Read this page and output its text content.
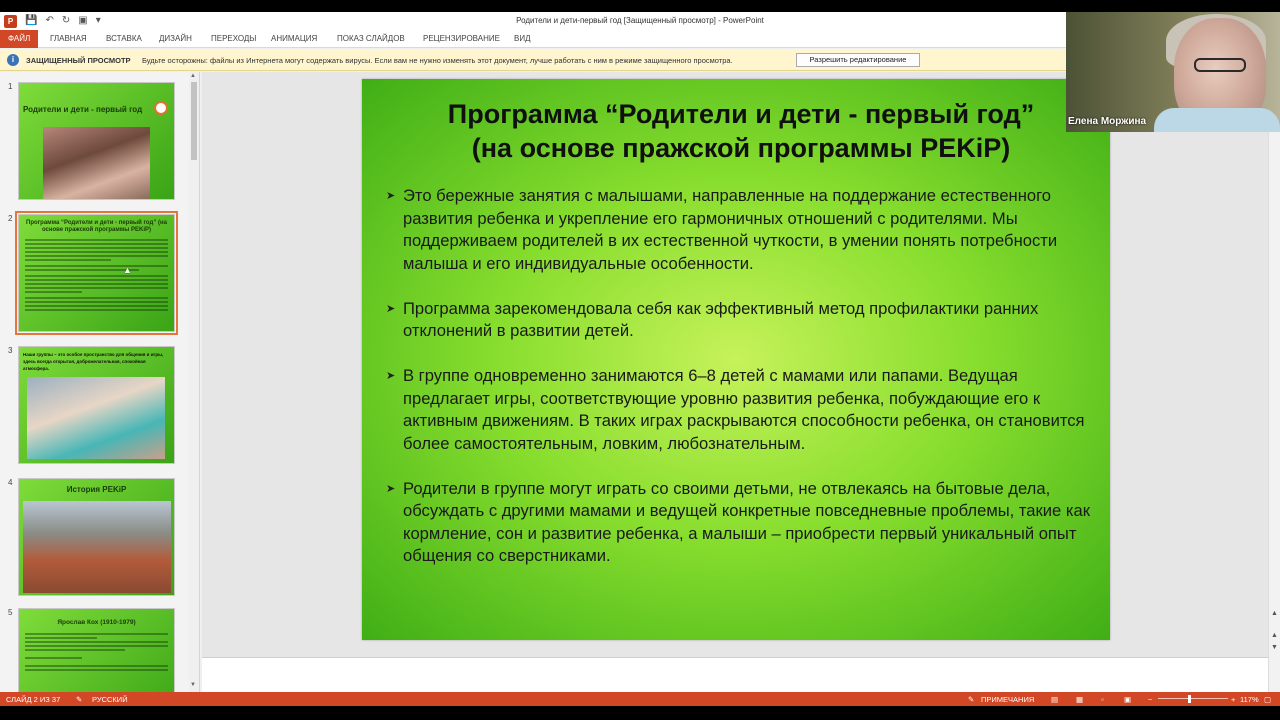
P	💾 ↶ ↻ ▣ ▾	Родители и дети-первый год [Защищенный просмотр] - PowerPoint
ФАЙЛ	ГЛАВНАЯ	ВСТАВКА	ДИЗАЙН	ПЕРЕХОДЫ	АНИМАЦИЯ	ПОКАЗ СЛАЙДОВ	РЕЦЕНЗИРОВАНИЕ	ВИД
i	ЗАЩИЩЕННЫЙ ПРОСМОТР Будьте осторожны: файлы из Интернета могут содержать вирусы. Если вам не нужно изменять этот документ, лучше работать с ним в режиме защищенного просмотра.	Разрешить редактирование
1
Родители и дети - первый год
2	Программа “Родители и дети - первый год” (на основе пражской программы PEKiP)
▲
3 Наши группы – это особое пространство для общения и игры, здесь всегда открытая, доброжелательная, спокойная атмосфера.
4
История PEKiP
5
Ярослав Кох (1910-1979)
▲
▼
▲
▲
▼
Программа “Родители и дети - первый год”
(на основе пражской программы PEKiP)
➤ Это бережные занятия с малышами, направленные на поддержание естественного развития ребенка и укрепление его гармоничных отношений с родителями. Мы поддерживаем родителей в их естественной чуткости, в умении понять потребности малыша и его индивидуальные особенности.
➤ Программа зарекомендовала себя как эффективный метод профилактики ранних отклонений в развитии детей.
➤ В группе одновременно занимаются 6–8 детей с мамами или папами. Ведущая предлагает игры, соответствующие уровню развития ребенка, побуждающие его к активным движениям. В таких играх раскрываются способности ребенка, он становится более самостоятельным, ловким, любознательным.
➤ Родители в группе могут играть со своими детьми, не отвлекаясь на бытовые дела, обсуждать с другими мамами и ведущей конкретные повседневные проблемы, такие как кормление, сон и развитие ребенка, а малыши – приобрести первый уникальный опыт общения со сверстниками.
Елена Моржина
СЛАЙД 2 ИЗ 37 ✎ РУССКИЙ	✎ ПРИМЕЧАНИЯ ▤ ▦ ▫	▣ −	+ 117% ▢
